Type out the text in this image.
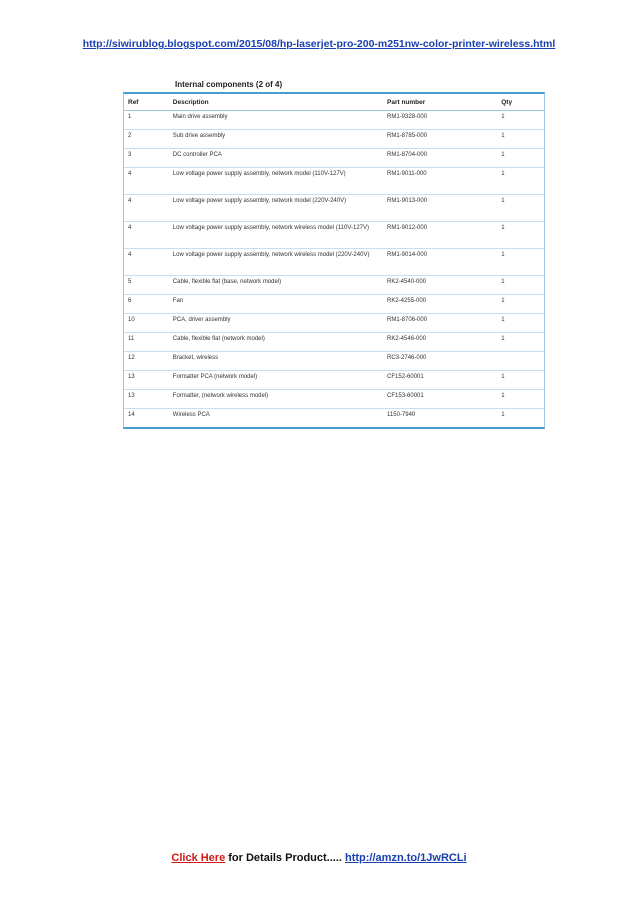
http://siwirublog.blogspot.com/2015/08/hp-laserjet-pro-200-m251nw-color-printer-wireless.html
Internal components (2 of 4)
Ref	Description	Part number	Qty
1	Main drive assembly	RM1-9328-000	1
2	Sub drive assembly	RM1-8785-000	1
3	DC controller PCA	RM1-8704-000	1
4	Low voltage power supply assembly, network model (110V-127V)	RM1-9011-000	1
4	Low voltage power supply assembly, network model (220V-240V)	RM1-9013-000	1
4	Low voltage power supply assembly, network wireless model (110V-127V)	RM1-9012-000	1
4	Low voltage power supply assembly, network wireless model (220V-240V)	RM1-9014-000	1
5	Cable, flexible flat (base, network model)	RK2-4540-000	1
6	Fan	RK2-4255-000	1
10	PCA, driver assembly	RM1-8706-000	1
11	Cable, flexible flat (network model)	RK2-4546-000	1
12	Bracket, wireless	RC3-2746-000	
13	Formatter PCA (network model)	CF152-60001	1
13	Formatter, (network wireless model)	CF153-60001	1
14	Wireless PCA	1150-7940	1
Click Here for Details Product..... http://amzn.to/1JwRCLi
